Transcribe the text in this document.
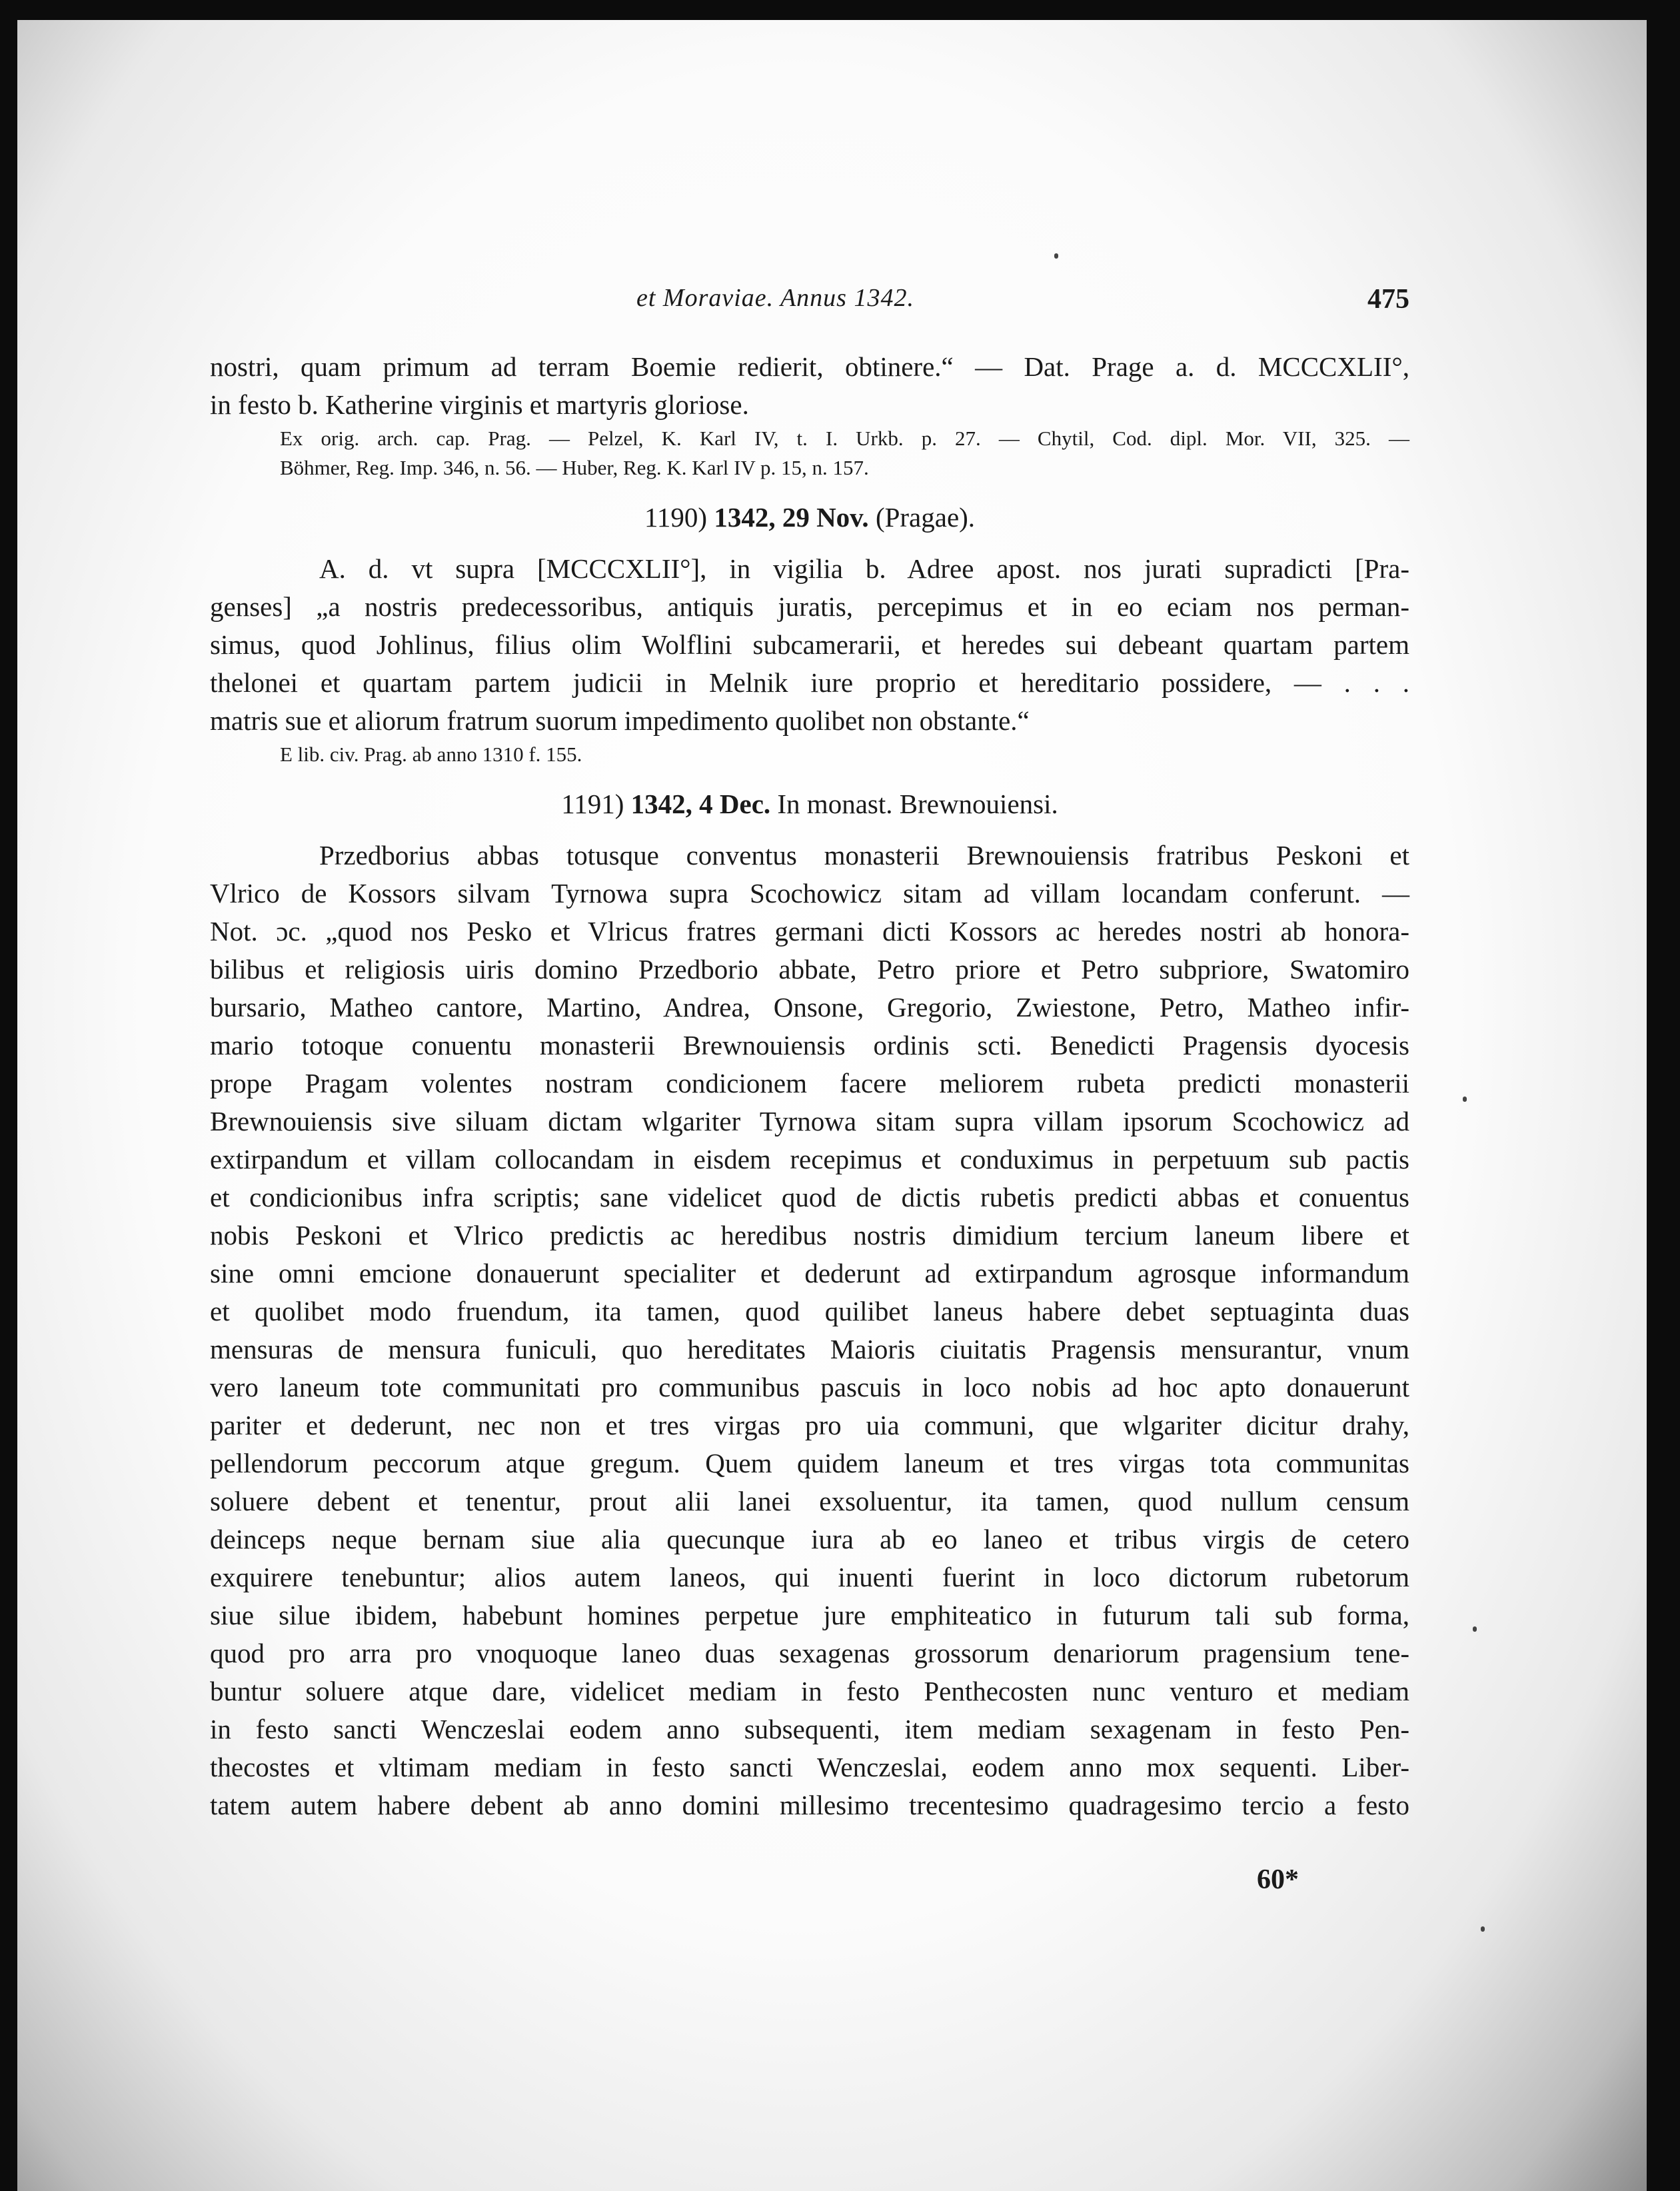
et Moraviae. Annus 1342.	475
nostri, quam primum ad terram Boemie redierit, obtinere.“ — Dat. Prage a. d. MCCCXLII°,
in festo b. Katherine virginis et martyris gloriose.
Ex orig. arch. cap. Prag. — Pelzel, K. Karl IV, t. I. Urkb. p. 27. — Chytil, Cod. dipl. Mor. VII, 325. —
Böhmer, Reg. Imp. 346, n. 56. — Huber, Reg. K. Karl IV p. 15, n. 157.
1190) 1342, 29 Nov. (Pragae).
A. d. vt supra [MCCCXLII°], in vigilia b. Adree apost. nos jurati supradicti [Pra-
genses] „a nostris predecessoribus, antiquis juratis, percepimus et in eo eciam nos perman-
simus, quod Johlinus, filius olim Wolflini subcamerarii, et heredes sui debeant quartam partem
thelonei et quartam partem judicii in Melnik iure proprio et hereditario possidere, — . . .
matris sue et aliorum fratrum suorum impedimento quolibet non obstante.“
E lib. civ. Prag. ab anno 1310 f. 155.
1191) 1342, 4 Dec. In monast. Brewnouiensi.
Przedborius abbas totusque conventus monasterii Brewnouiensis fratribus Peskoni et
Vlrico de Kossors silvam Tyrnowa supra Scochowicz sitam ad villam locandam conferunt. —
Not. ɔc. „quod nos Pesko et Vlricus fratres germani dicti Kossors ac heredes nostri ab honora-
bilibus et religiosis uiris domino Przedborio abbate, Petro priore et Petro subpriore, Swatomiro
bursario, Matheo cantore, Martino, Andrea, Onsone, Gregorio, Zwiestone, Petro, Matheo infir-
mario totoque conuentu monasterii Brewnouiensis ordinis scti. Benedicti Pragensis dyocesis
prope Pragam volentes nostram condicionem facere meliorem rubeta predicti monasterii
Brewnouiensis sive siluam dictam wlgariter Tyrnowa sitam supra villam ipsorum Scochowicz ad
extirpandum et villam collocandam in eisdem recepimus et conduximus in perpetuum sub pactis
et condicionibus infra scriptis; sane videlicet quod de dictis rubetis predicti abbas et conuentus
nobis Peskoni et Vlrico predictis ac heredibus nostris dimidium tercium laneum libere et
sine omni emcione donauerunt specialiter et dederunt ad extirpandum agrosque informandum
et quolibet modo fruendum, ita tamen, quod quilibet laneus habere debet septuaginta duas
mensuras de mensura funiculi, quo hereditates Maioris ciuitatis Pragensis mensurantur, vnum
vero laneum tote communitati pro communibus pascuis in loco nobis ad hoc apto donauerunt
pariter et dederunt, nec non et tres virgas pro uia communi, que wlgariter dicitur drahy,
pellendorum peccorum atque gregum. Quem quidem laneum et tres virgas tota communitas
soluere debent et tenentur, prout alii lanei exsoluentur, ita tamen, quod nullum censum
deinceps neque bernam siue alia quecunque iura ab eo laneo et tribus virgis de cetero
exquirere tenebuntur; alios autem laneos, qui inuenti fuerint in loco dictorum rubetorum
siue silue ibidem, habebunt homines perpetue jure emphiteatico in futurum tali sub forma,
quod pro arra pro vnoquoque laneo duas sexagenas grossorum denariorum pragensium tene-
buntur soluere atque dare, videlicet mediam in festo Penthecosten nunc venturo et mediam
in festo sancti Wenczeslai eodem anno subsequenti, item mediam sexagenam in festo Pen-
thecostes et vltimam mediam in festo sancti Wenczeslai, eodem anno mox sequenti. Liber-
tatem autem habere debent ab anno domini millesimo trecentesimo quadragesimo tercio a festo
60*
